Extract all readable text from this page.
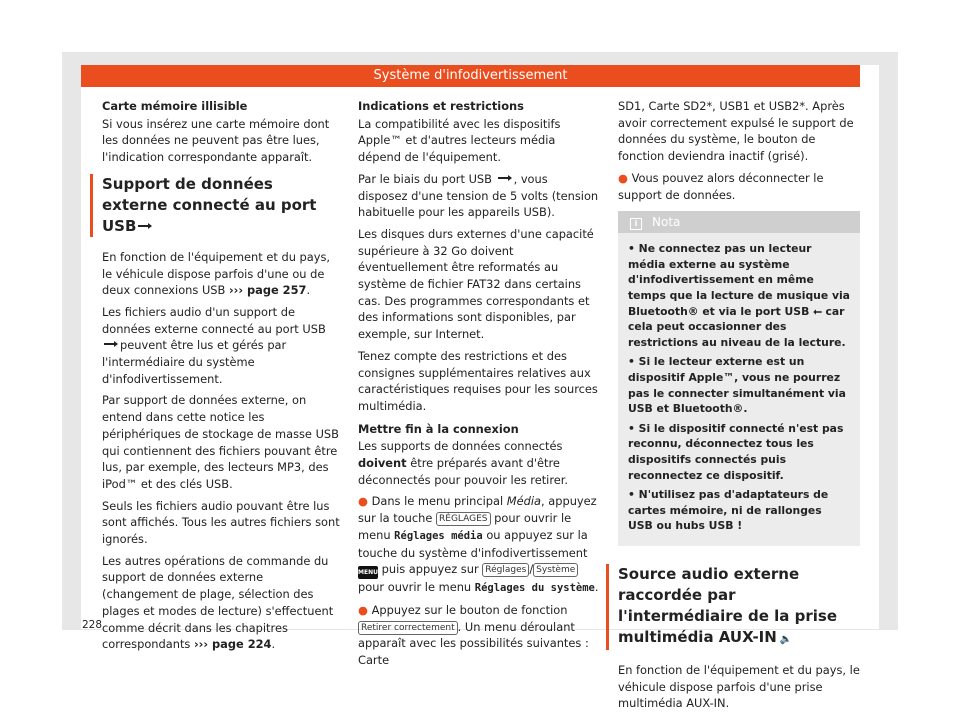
Système d'infodivertissement

Carte mémoire illisible

Si vous insérez une carte mémoire dont les données ne peuvent pas être lues, l'indication correspondante apparaît.

Support de données externe connecté au port USB

En fonction de l'équipement et du pays, le véhicule dispose parfois d'une ou de deux connexions USB ››› page 257.

Les fichiers audio d'un support de données externe connecté au port USBpeuvent être lus et gérés par l'intermédiaire du système d'infodivertissement.

Par support de données externe, on entend dans cette notice les périphériques de stockage de masse USB qui contiennent des fichiers pouvant être lus, par exemple, des lecteurs MP3, des iPod™ et des clés USB.

Seuls les fichiers audio pouvant être lus sont affichés. Tous les autres fichiers sont ignorés.

Les autres opérations de commande du support de données externe (changement de plage, sélection des plages et modes de lecture) s'effectuent comme décrit dans les chapitres correspondants ››› page 224.

Indications et restrictions

La compatibilité avec les dispositifs Apple™ et d'autres lecteurs média dépend de l'équipement.

Par le biais du port USB , vous disposez d'une tension de 5 volts (tension habituelle pour les appareils USB).

Les disques durs externes d'une capacité supérieure à 32 Go doivent éventuellement être reformatés au système de fichier FAT32 dans certains cas. Des programmes correspondants et des informations sont disponibles, par exemple, sur Internet.

Tenez compte des restrictions et des consignes supplémentaires relatives aux caractéristiques requises pour les sources multimédia.

Mettre fin à la connexion

Les supports de données connectés doivent être préparés avant d'être déconnectés pour pouvoir les retirer.

● Dans le menu principal Média, appuyez sur la touche RÉGLAGES pour ouvrir le menu Réglages média ou appuyez sur la touche du système d'infodivertissement MENU puis appuyez sur Réglages / Système pour ouvrir le menu Réglages du système.

● Appuyez sur le bouton de fonction Retirer correctement . Un menu déroulant apparaît avec les possibilités suivantes : Carte

SD1, Carte SD2*, USB1 et USB2*. Après avoir correctement expulsé le support de données du système, le bouton de fonction deviendra inactif (grisé).

● Vous pouvez alors déconnecter le support de données.

i Nota

• Ne connectez pas un lecteur média externe au système d'infodivertissement en même temps que la lecture de musique via Bluetooth® et via le port USB ⭠ car cela peut occasionner des restrictions au niveau de la lecture.

• Si le lecteur externe est un dispositif Apple™, vous ne pourrez pas le connecter simultanément via USB et Bluetooth®.

• Si le dispositif connecté n'est pas reconnu, déconnectez tous les dispositifs connectés puis reconnectez ce dispositif.

• N'utilisez pas d'adaptateurs de cartes mémoire, ni de rallonges USB ou hubs USB !

Source audio externe raccordée par l'intermédiaire de la prise multimédia AUX-IN 🔈

En fonction de l'équipement et du pays, le véhicule dispose parfois d'une prise multimédia AUX-IN.

228
